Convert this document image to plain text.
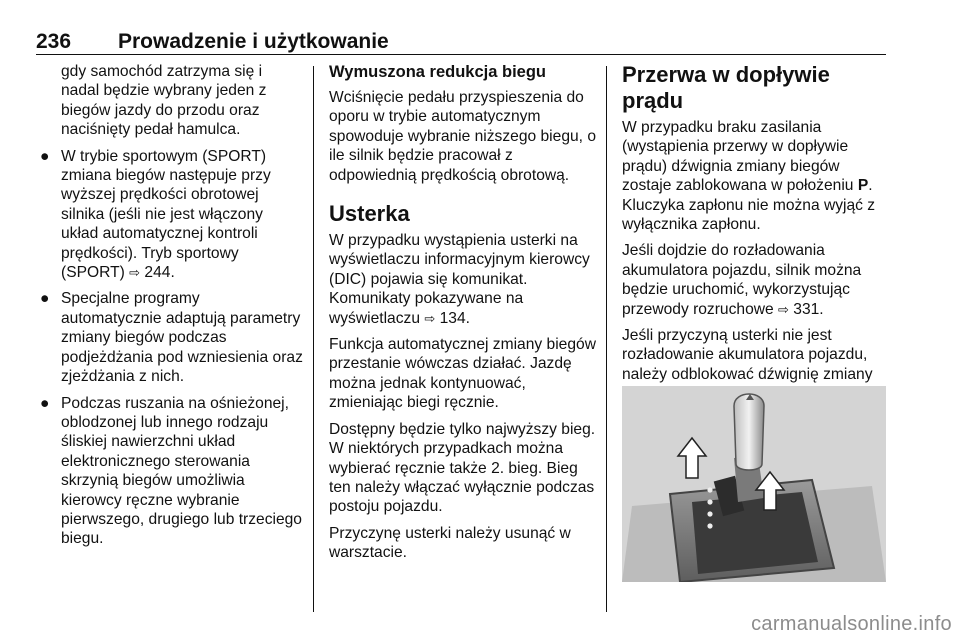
236 Prowadzenie i użytkowanie

gdy samochód zatrzyma się i nadal będzie wybrany jeden z biegów jazdy do przodu oraz naciśnięty pedał hamulca.

● W trybie sportowym (SPORT) zmiana biegów następuje przy wyższej prędkości obrotowej silnika (jeśli nie jest włączony układ automatycznej kontroli prędkości). Tryb sportowy (SPORT) ⇨ 244.
● Specjalne programy automatycznie adaptują parametry zmiany biegów podczas podjeżdżania pod wzniesienia oraz zjeżdżania z nich.
● Podczas ruszania na ośnieżonej, oblodzonej lub innego rodzaju śliskiej nawierzchni układ elektronicznego sterowania skrzynią biegów umożliwia kierowcy ręczne wybranie pierwszego, drugiego lub trzeciego biegu.
Wymuszona redukcja biegu

Wciśnięcie pedału przyspieszenia do oporu w trybie automatycznym spowoduje wybranie niższego biegu, o ile silnik będzie pracował z odpowiednią prędkością obrotową.

Usterka

W przypadku wystąpienia usterki na wyświetlaczu informacyjnym kierowcy (DIC) pojawia się komunikat. Komunikaty pokazywane na wyświetlaczu ⇨ 134.

Funkcja automatycznej zmiany biegów przestanie wówczas działać. Jazdę można jednak kontynuować, zmieniając biegi ręcznie.

Dostępny będzie tylko najwyższy bieg. W niektórych przypadkach można wybierać ręcznie także 2. bieg. Bieg ten należy włączać wyłącznie podczas postoju pojazdu.

Przyczynę usterki należy usunąć w warsztacie.

Przerwa w dopływie prądu

W przypadku braku zasilania (wystąpienia przerwy w dopływie prądu) dźwignia zmiany biegów zostaje zablokowana w położeniu P. Kluczyka zapłonu nie można wyjąć z wyłącznika zapłonu.

Jeśli dojdzie do rozładowania akumulatora pojazdu, silnik można będzie uruchomić, wykorzystując przewody rozruchowe ⇨ 331.

Jeśli przyczyną usterki nie jest rozładowanie akumulatora pojazdu, należy odblokować dźwignię zmiany

carmanualsonline.info
